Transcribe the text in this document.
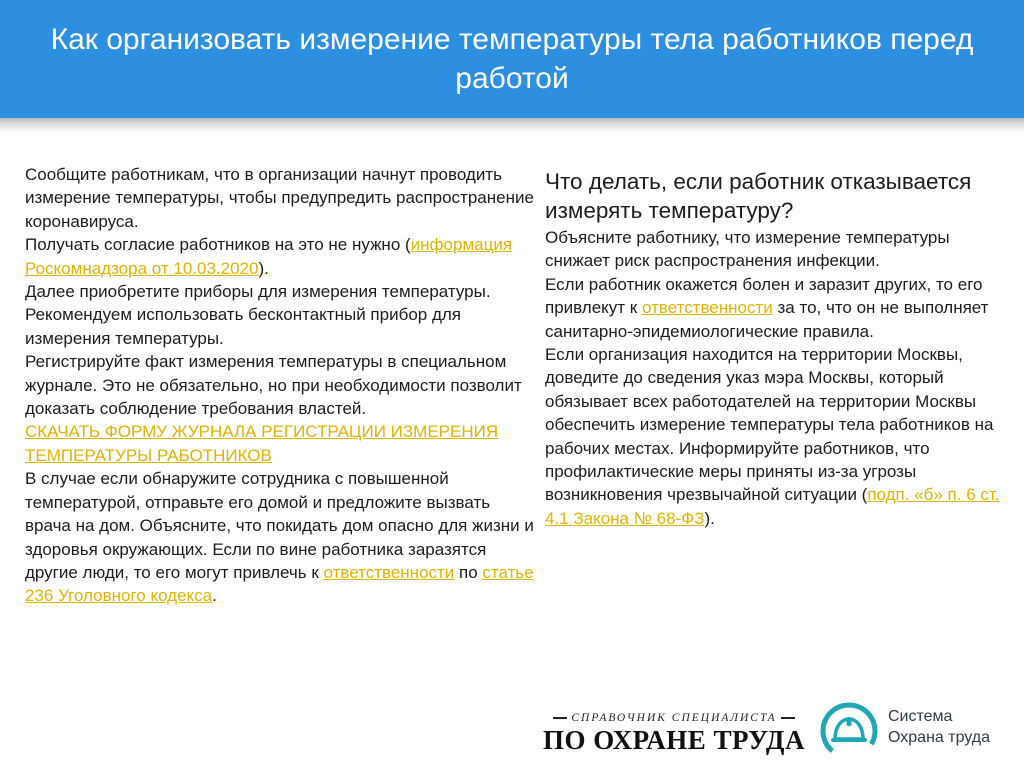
Как организовать измерение температуры тела работников перед работой

Сообщите работникам, что в организации начнут проводить измерение температуры, чтобы предупредить распространение коронавируса.

Получать согласие работников на это не нужно (информация Роскомнадзора от 10.03.2020).

Далее приобретите приборы для измерения температуры. Рекомендуем использовать бесконтактный прибор для измерения температуры.

Регистрируйте факт измерения температуры в специальном журнале. Это не обязательно, но при необходимости позволит доказать соблюдение требования властей.

СКАЧАТЬ ФОРМУ ЖУРНАЛА РЕГИСТРАЦИИ ИЗМЕРЕНИЯ ТЕМПЕРАТУРЫ РАБОТНИКОВ

В случае если обнаружите сотрудника с повышенной температурой, отправьте его домой и предложите вызвать врача на дом. Объясните, что покидать дом опасно для жизни и здоровья окружающих. Если по вине работника заразятся другие люди, то его могут привлечь к ответственности по статье 236 Уголовного кодекса.

Что делать, если работник отказывается измерять температуру?

Объясните работнику, что измерение температуры снижает риск распространения инфекции.

Если работник окажется болен и заразит других, то его привлекут к ответственности за то, что он не выполняет санитарно-эпидемиологические правила.

Если организация находится на территории Москвы, доведите до сведения указ мэра Москвы, который обязывает всех работодателей на территории Москвы обеспечить измерение температуры тела работников на рабочих местах. Информируйте работников, что профилактические меры приняты из-за угрозы возникновения чрезвычайной ситуации (подп. «б» п. 6 ст. 4.1 Закона № 68-ФЗ).

СПРАВОЧНИК СПЕЦИАЛИСТА
ПО ОХРАНЕ ТРУДА
Система
Охрана труда
